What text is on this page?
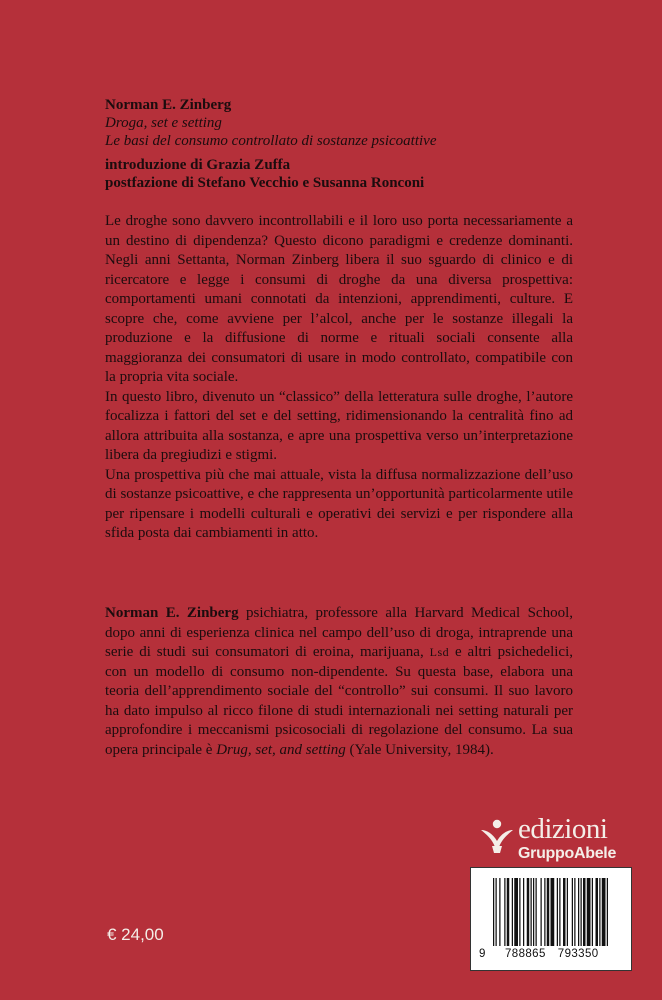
Norman E. Zinberg
Droga, set e setting
Le basi del consumo controllato di sostanze psicoattive
introduzione di Grazia Zuffa
postfazione di Stefano Vecchio e Susanna Ronconi

Le droghe sono davvero incontrollabili e il loro uso porta necessariamente a un destino di dipendenza? Questo dicono paradigmi e credenze dominanti. Negli anni Settanta, Norman Zinberg libera il suo sguardo di clinico e di ricercatore e legge i consumi di droghe da una diversa prospettiva: comportamenti umani connotati da intenzioni, apprendimenti, culture. E scopre che, come avviene per l’alcol, anche per le sostanze illegali la produzione e la diffusione di norme e rituali sociali consente alla maggioranza dei consumatori di usare in modo controllato, compatibile con la propria vita sociale.

In questo libro, divenuto un “classico” della letteratura sulle droghe, l’autore focalizza i fattori del set e del setting, ridimensionando la centralità fino ad allora attribuita alla sostanza, e apre una prospettiva verso un’interpretazione libera da pregiudizi e stigmi.

Una prospettiva più che mai attuale, vista la diffusa normalizzazione dell’uso di sostanze psicoattive, e che rappresenta un’opportunità particolarmente utile per ripensare i modelli culturali e operativi dei servizi e per rispondere alla sfida posta dai cambiamenti in atto.

Norman E. Zinberg psichiatra, professore alla Harvard Medical School, dopo anni di esperienza clinica nel campo dell’uso di droga, intraprende una serie di studi sui consumatori di eroina, marijuana, Lsd e altri psichedelici, con un modello di consumo non-dipendente. Su questa base, elabora una teoria dell’apprendimento sociale del “controllo” sui consumi. Il suo lavoro ha dato impulso al ricco filone di studi internazionali nei setting naturali per approfondire i meccanismi psicosociali di regolazione del consumo. La sua opera principale è Drug, set, and setting (Yale University, 1984).

edizioni
GruppoAbele
9 788865 793350
€ 24,00
